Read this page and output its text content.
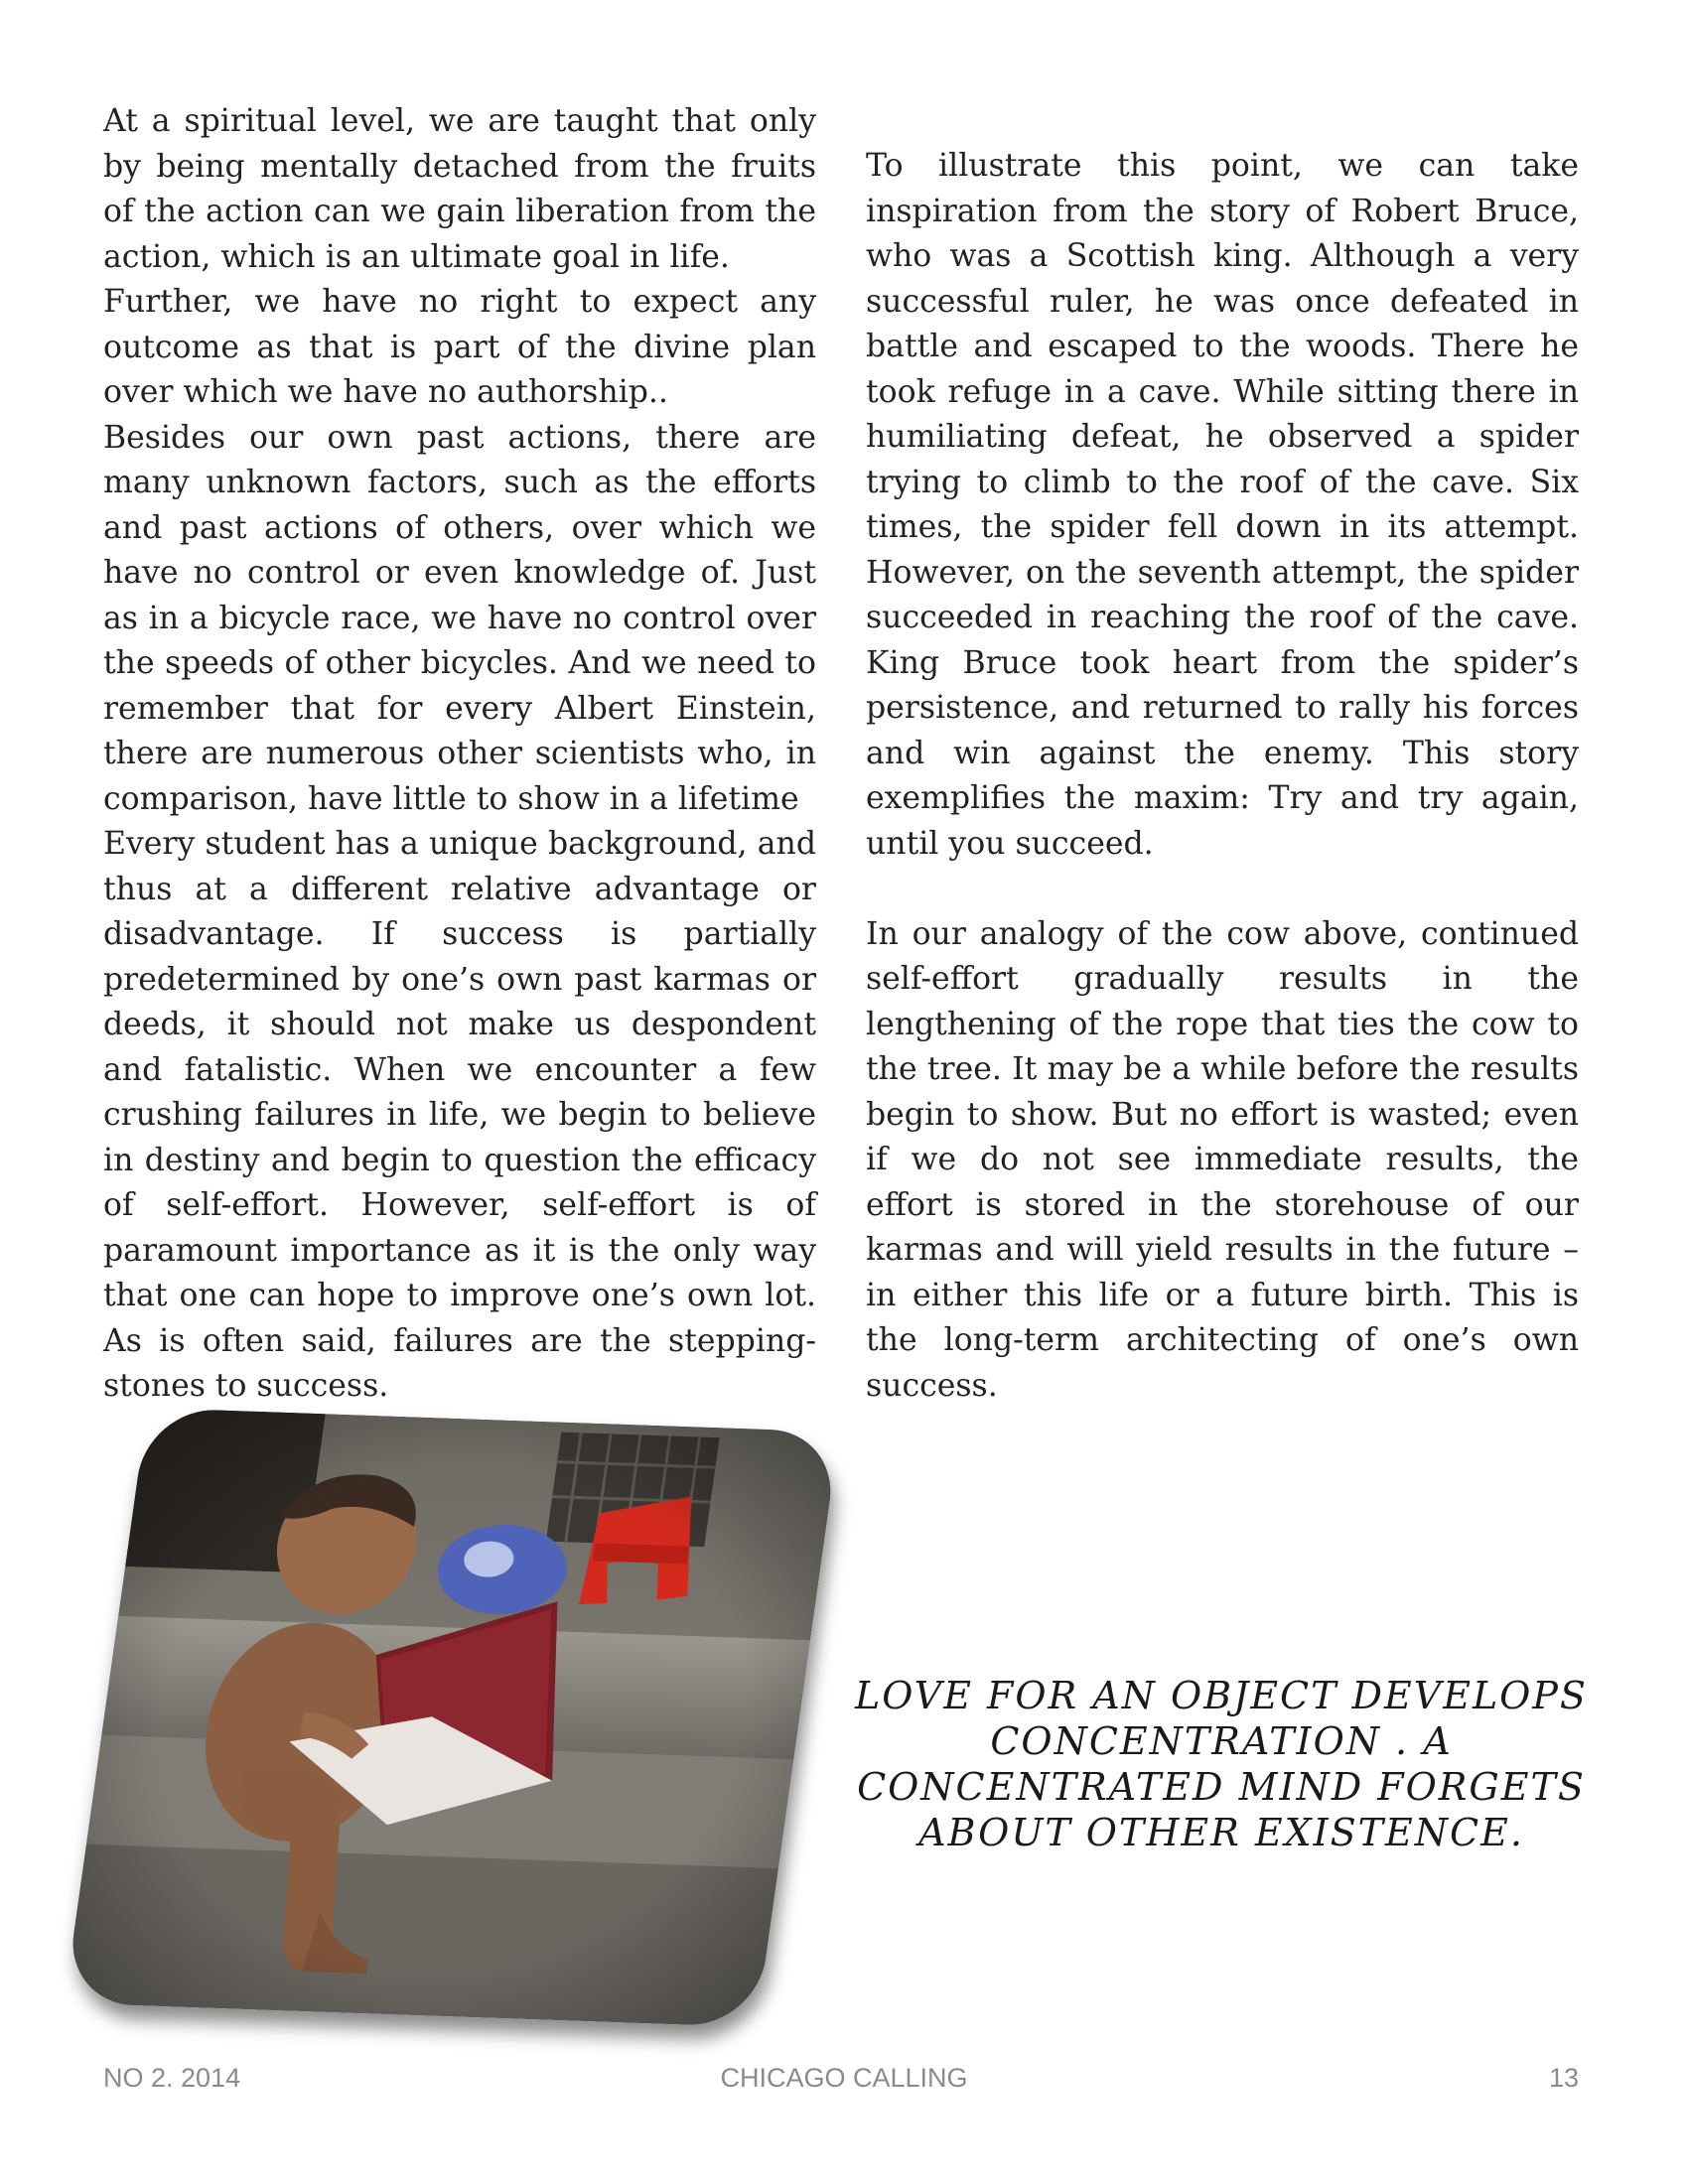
At a spiritual level, we are taught that only by being mentally detached from the fruits of the action can we gain liberation from the action, which is an ultimate goal in life.

Further, we have no right to expect any outcome as that is part of the divine plan over which we have no authorship..

Besides our own past actions, there are many unknown factors, such as the efforts and past actions of others, over which we have no control or even knowledge of. Just as in a bicycle race, we have no control over the speeds of other bicycles. And we need to remember that for every Albert Einstein, there are numerous other scientists who, in comparison, have little to show in a lifetime

Every student has a unique background, and thus at a different relative advantage or disadvantage. If success is partially predetermined by one’s own past karmas or deeds, it should not make us despondent and fatalistic. When we encounter a few crushing failures in life, we begin to believe in destiny and begin to question the efficacy of self-effort. However, self-effort is of paramount importance as it is the only way that one can hope to improve one’s own lot. As is often said, failures are the stepping-stones to success.

To illustrate this point, we can take inspiration from the story of Robert Bruce, who was a Scottish king. Although a very successful ruler, he was once defeated in battle and escaped to the woods. There he took refuge in a cave. While sitting there in humiliating defeat, he observed a spider trying to climb to the roof of the cave. Six times, the spider fell down in its attempt. However, on the seventh attempt, the spider succeeded in reaching the roof of the cave. King Bruce took heart from the spider’s persistence, and returned to rally his forces and win against the enemy. This story exemplifies the maxim: Try and try again, until you succeed.

In our analogy of the cow above, continued self-effort gradually results in the lengthening of the rope that ties the cow to the tree. It may be a while before the results begin to show. But no effort is wasted; even if we do not see immediate results, the effort is stored in the storehouse of our karmas and will yield results in the future – in either this life or a future birth. This is the long-term architecting of one’s own success.

LOVE FOR AN OBJECT DEVELOPS
CONCENTRATION . A
CONCENTRATED MIND FORGETS
ABOUT OTHER EXISTENCE.
NO 2. 2014	CHICAGO CALLING	13
